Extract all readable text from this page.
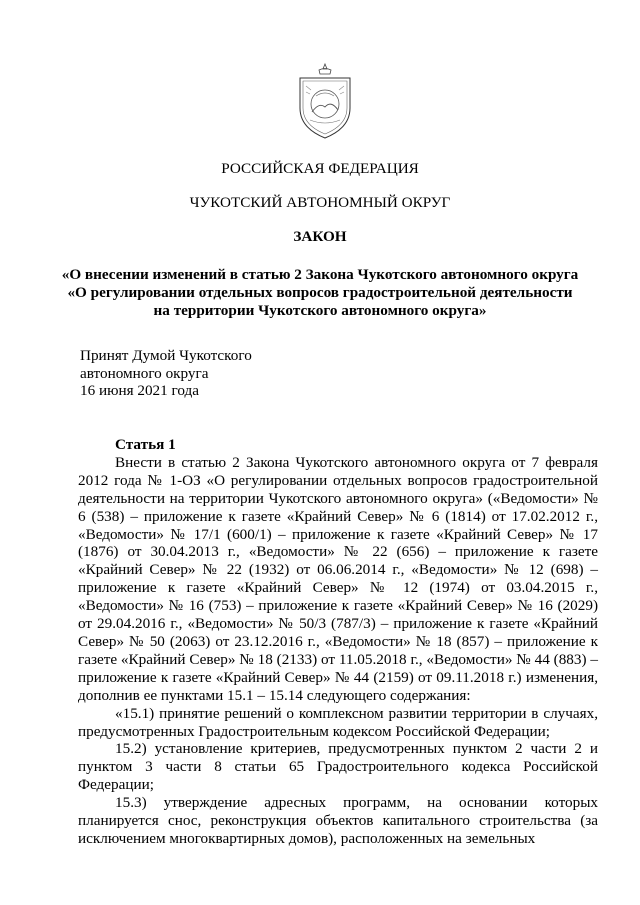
РОССИЙСКАЯ ФЕДЕРАЦИЯ
ЧУКОТСКИЙ АВТОНОМНЫЙ ОКРУГ
ЗАКОН
«О внесении изменений в статью 2 Закона Чукотского автономного округа
«О регулировании отдельных вопросов градостроительной деятельности
на территории Чукотского автономного округа»
Принят Думой Чукотского
автономного округа
16 июня 2021 года
Статья 1

Внести в статью 2 Закона Чукотского автономного округа от 7 февраля 2012 года № 1-ОЗ «О регулировании отдельных вопросов градостроительной деятельности на территории Чукотского автономного округа» («Ведомости» № 6 (538) – приложение к газете «Крайний Север» № 6 (1814) от 17.02.2012 г., «Ведомости» № 17/1 (600/1) – приложение к газете «Крайний Север» № 17 (1876) от 30.04.2013 г., «Ведомости» № 22 (656) – приложение к газете «Крайний Север» № 22 (1932) от 06.06.2014 г., «Ведомости» № 12 (698) – приложение к газете «Крайний Север» № 12 (1974) от 03.04.2015 г., «Ведомости» № 16 (753) – приложение к газете «Крайний Север» № 16 (2029) от 29.04.2016 г., «Ведомости» № 50/3 (787/3) – приложение к газете «Крайний Север» № 50 (2063) от 23.12.2016 г., «Ведомости» № 18 (857) – приложение к газете «Крайний Север» № 18 (2133) от 11.05.2018 г., «Ведомости» № 44 (883) – приложение к газете «Крайний Север» № 44 (2159) от 09.11.2018 г.) изменения, дополнив ее пунктами 15.1 – 15.14 следующего содержания:

«15.1) принятие решений о комплексном развитии территории в случаях, предусмотренных Градостроительным кодексом Российской Федерации;

15.2) установление критериев, предусмотренных пунктом 2 части 2 и пунктом 3 части 8 статьи 65 Градостроительного кодекса Российской Федерации;

15.3) утверждение адресных программ, на основании которых планируется снос, реконструкция объектов капитального строительства (за исключением многоквартирных домов), расположенных на земельных
